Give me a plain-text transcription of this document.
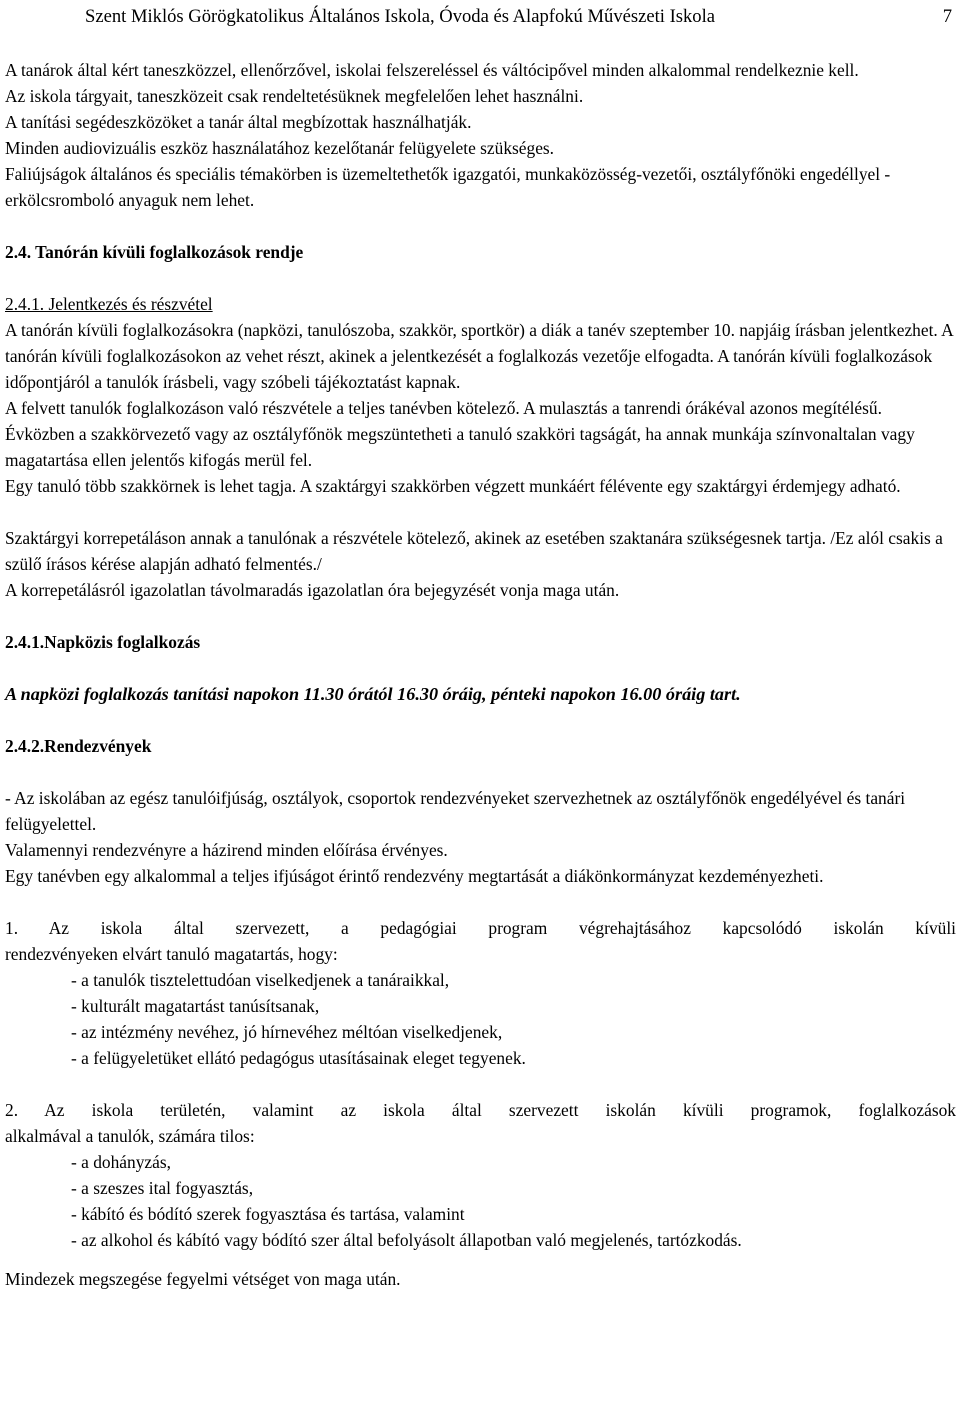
Szent Miklós Görögkatolikus Általános Iskola, Óvoda és Alapfokú Művészeti Iskola	7

A tanárok által kért taneszközzel, ellenőrzővel, iskolai felszereléssel és váltócipővel minden alkalommal rendelkeznie kell.

Az iskola tárgyait, taneszközeit csak rendeltetésüknek megfelelően lehet használni.

A tanítási segédeszközöket a tanár által megbízottak használhatják.

Minden audiovizuális eszköz használatához kezelőtanár felügyelete szükséges.

Faliújságok általános és speciális témakörben is üzemeltethetők igazgatói, munkaközösség-vezetői, osztályfőnöki engedéllyel - erkölcsromboló anyaguk nem lehet.

2.4. Tanórán kívüli foglalkozások rendje

2.4.1. Jelentkezés és részvétel

A tanórán kívüli foglalkozásokra (napközi, tanulószoba, szakkör, sportkör) a diák a tanév szeptember 10. napjáig írásban jelentkezhet. A tanórán kívüli foglalkozásokon az vehet részt, akinek a jelentkezését a foglalkozás vezetője elfogadta. A tanórán kívüli foglalkozások időpontjáról a tanulók írásbeli, vagy szóbeli tájékoztatást kapnak.

A felvett tanulók foglalkozáson való részvétele a teljes tanévben kötelező. A mulasztás a tanrendi órákéval azonos megítélésű.

Évközben a szakkörvezető vagy az osztályfőnök megszüntetheti a tanuló szakköri tagságát, ha annak munkája színvonaltalan vagy magatartása ellen jelentős kifogás merül fel.

Egy tanuló több szakkörnek is lehet tagja. A szaktárgyi szakkörben végzett munkáért félévente egy szaktárgyi érdemjegy adható.

Szaktárgyi korrepetáláson annak a tanulónak a részvétele kötelező, akinek az esetében szaktanára szükségesnek tartja. /Ez alól csakis a szülő írásos kérése alapján adható felmentés./

A korrepetálásról igazolatlan távolmaradás igazolatlan óra bejegyzését vonja maga után.

2.4.1.Napközis foglalkozás

A napközi foglalkozás tanítási napokon 11.30 órától 16.30 óráig, pénteki napokon 16.00 óráig tart.

2.4.2.Rendezvények

- Az iskolában az egész tanulóifjúság, osztályok, csoportok rendezvényeket szervezhetnek az osztályfőnök engedélyével és tanári felügyelettel.

Valamennyi rendezvényre a házirend minden előírása érvényes.

Egy tanévben egy alkalommal a teljes ifjúságot érintő rendezvény megtartását a diákönkormányzat kezdeményezheti.

1. Az iskola által szervezett, a pedagógiai program végrehajtásához kapcsolódó iskolán kívüli

rendezvényeken elvárt tanuló magatartás, hogy:

- a tanulók tisztelettudóan viselkedjenek a tanáraikkal,

- kulturált magatartást tanúsítsanak,

- az intézmény nevéhez, jó hírnevéhez méltóan viselkedjenek,

- a felügyeletüket ellátó pedagógus utasításainak eleget tegyenek.

2. Az iskola területén, valamint az iskola által szervezett iskolán kívüli programok, foglalkozások

alkalmával a tanulók, számára tilos:

- a dohányzás,

- a szeszes ital fogyasztás,

- kábító és bódító szerek fogyasztása és tartása, valamint

- az alkohol és kábító vagy bódító szer által befolyásolt állapotban való megjelenés, tartózkodás.

Mindezek megszegése fegyelmi vétséget von maga után.
